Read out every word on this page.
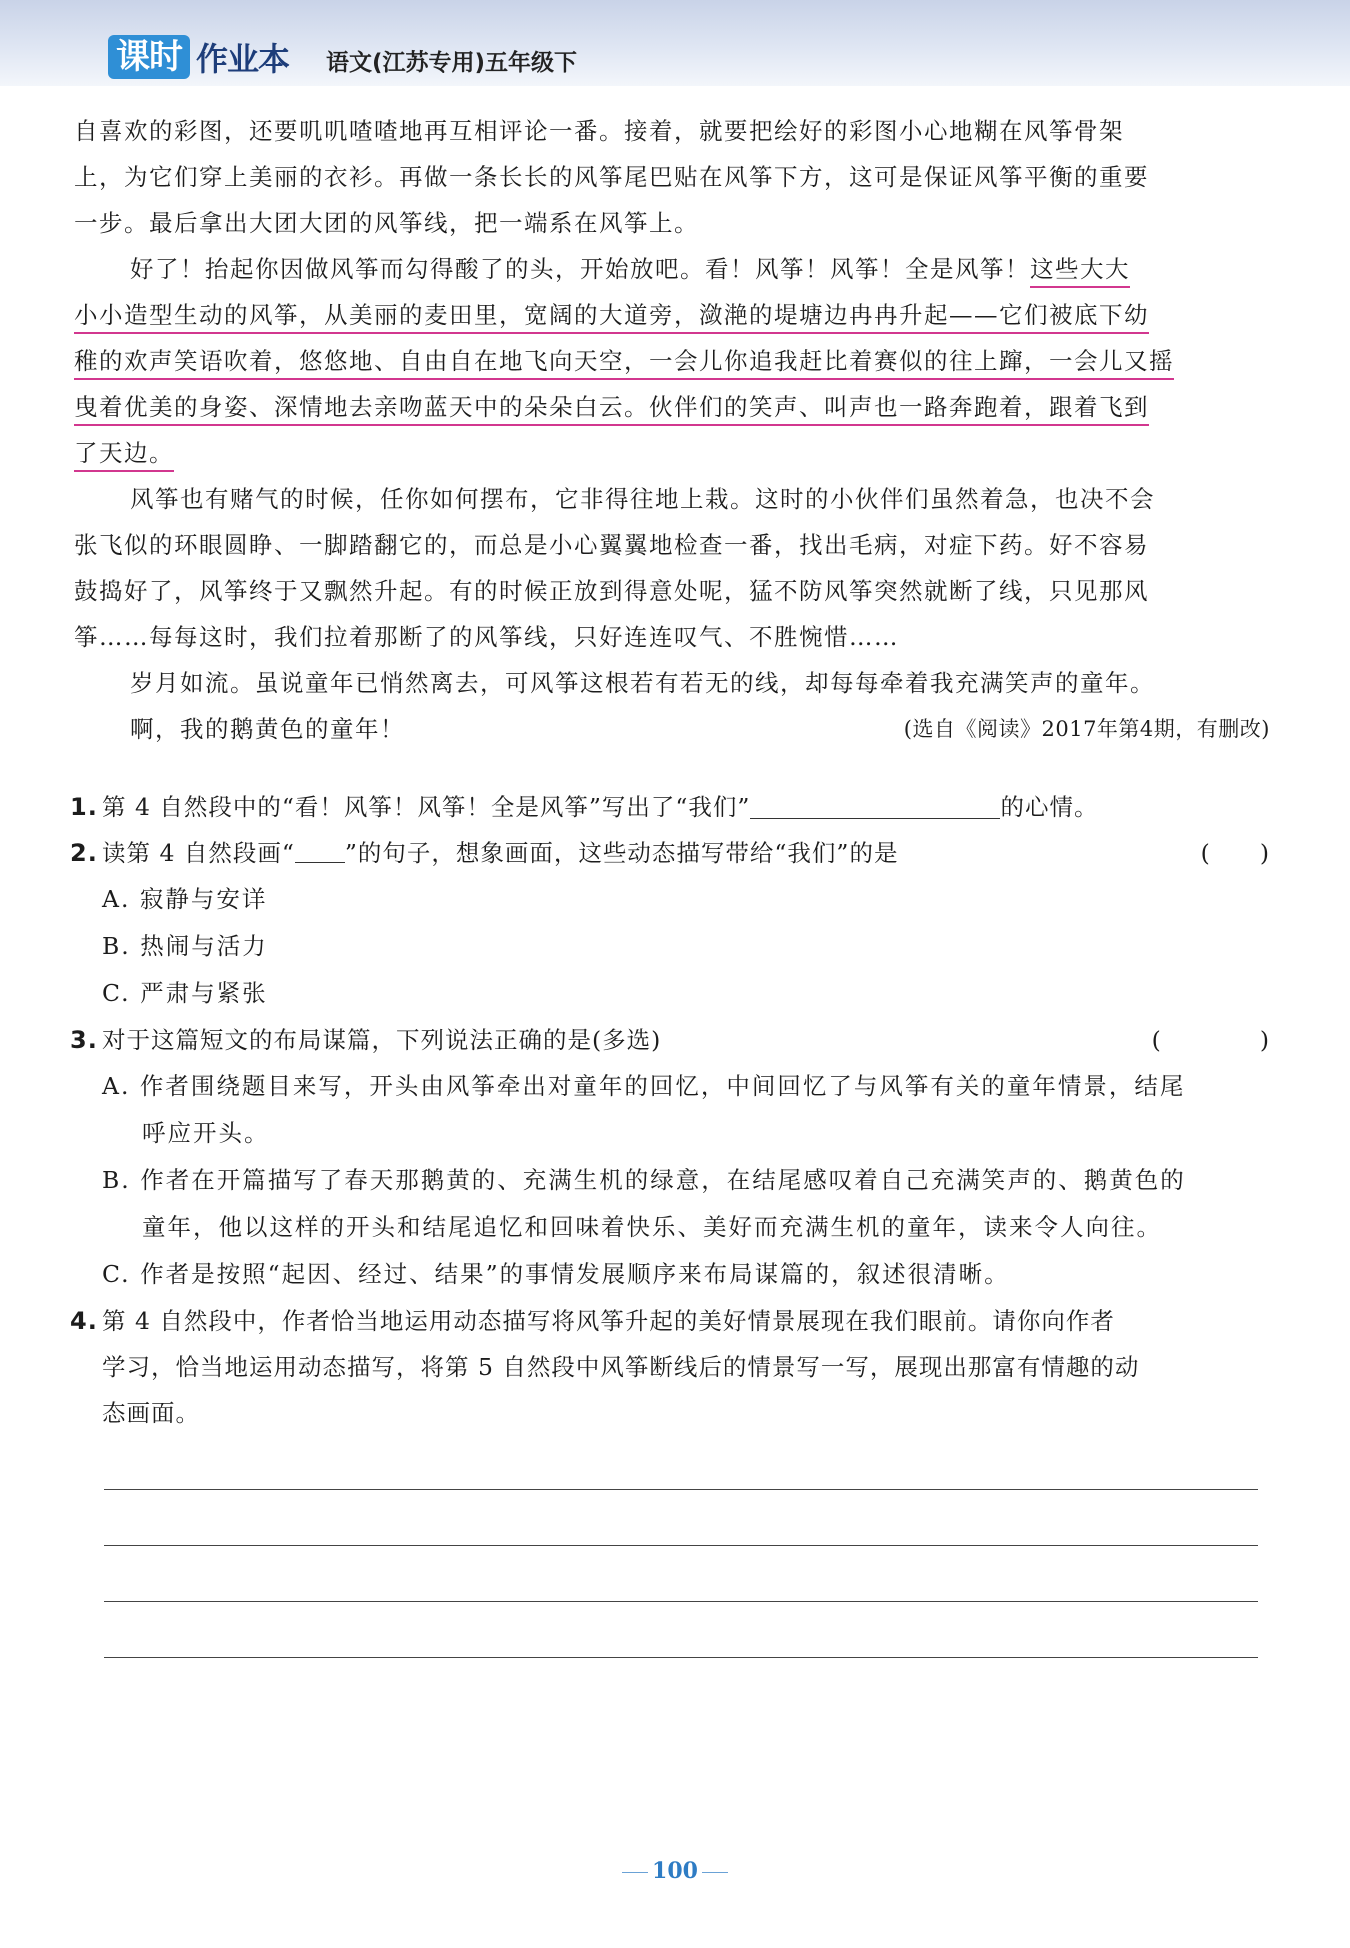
课时 作业本 语文(江苏专用)五年级下
自喜欢的彩图，还要叽叽喳喳地再互相评论一番。接着，就要把绘好的彩图小心地糊在风筝骨架
上，为它们穿上美丽的衣衫。再做一条长长的风筝尾巴贴在风筝下方，这可是保证风筝平衡的重要
一步。最后拿出大团大团的风筝线，把一端系在风筝上。
好了！抬起你因做风筝而勾得酸了的头，开始放吧。看！风筝！风筝！全是风筝！这些大大
小小造型生动的风筝，从美丽的麦田里，宽阔的大道旁，潋滟的堤塘边冉冉升起——它们被底下幼
稚的欢声笑语吹着，悠悠地、自由自在地飞向天空，一会儿你追我赶比着赛似的往上蹿，一会儿又摇
曳着优美的身姿、深情地去亲吻蓝天中的朵朵白云。伙伴们的笑声、叫声也一路奔跑着，跟着飞到
了天边。
风筝也有赌气的时候，任你如何摆布，它非得往地上栽。这时的小伙伴们虽然着急，也决不会
张飞似的环眼圆睁、一脚踏翻它的，而总是小心翼翼地检查一番，找出毛病，对症下药。好不容易
鼓捣好了，风筝终于又飘然升起。有的时候正放到得意处呢，猛不防风筝突然就断了线，只见那风
筝……每每这时，我们拉着那断了的风筝线，只好连连叹气、不胜惋惜……
岁月如流。虽说童年已悄然离去，可风筝这根若有若无的线，却每每牵着我充满笑声的童年。
啊，我的鹅黄色的童年！	(选自《阅读》2017年第4期，有删改)
1. 第 4 自然段中的“看！风筝！风筝！全是风筝”写出了“我们”	的心情。
2. 读第 4 自然段画“ ”的句子，想象画面，这些动态描写带给“我们”的是	(　　)
A. 寂静与安详
B. 热闹与活力
C. 严肃与紧张
3. 对于这篇短文的布局谋篇，下列说法正确的是(多选)	(　　　　)
A. 作者围绕题目来写，开头由风筝牵出对童年的回忆，中间回忆了与风筝有关的童年情景，结尾
呼应开头。
B. 作者在开篇描写了春天那鹅黄的、充满生机的绿意，在结尾感叹着自己充满笑声的、鹅黄色的
童年，他以这样的开头和结尾追忆和回味着快乐、美好而充满生机的童年，读来令人向往。
C. 作者是按照“起因、经过、结果”的事情发展顺序来布局谋篇的，叙述很清晰。
4. 第 4 自然段中，作者恰当地运用动态描写将风筝升起的美好情景展现在我们眼前。请你向作者
学习，恰当地运用动态描写，将第 5 自然段中风筝断线后的情景写一写，展现出那富有情趣的动
态画面。
100
